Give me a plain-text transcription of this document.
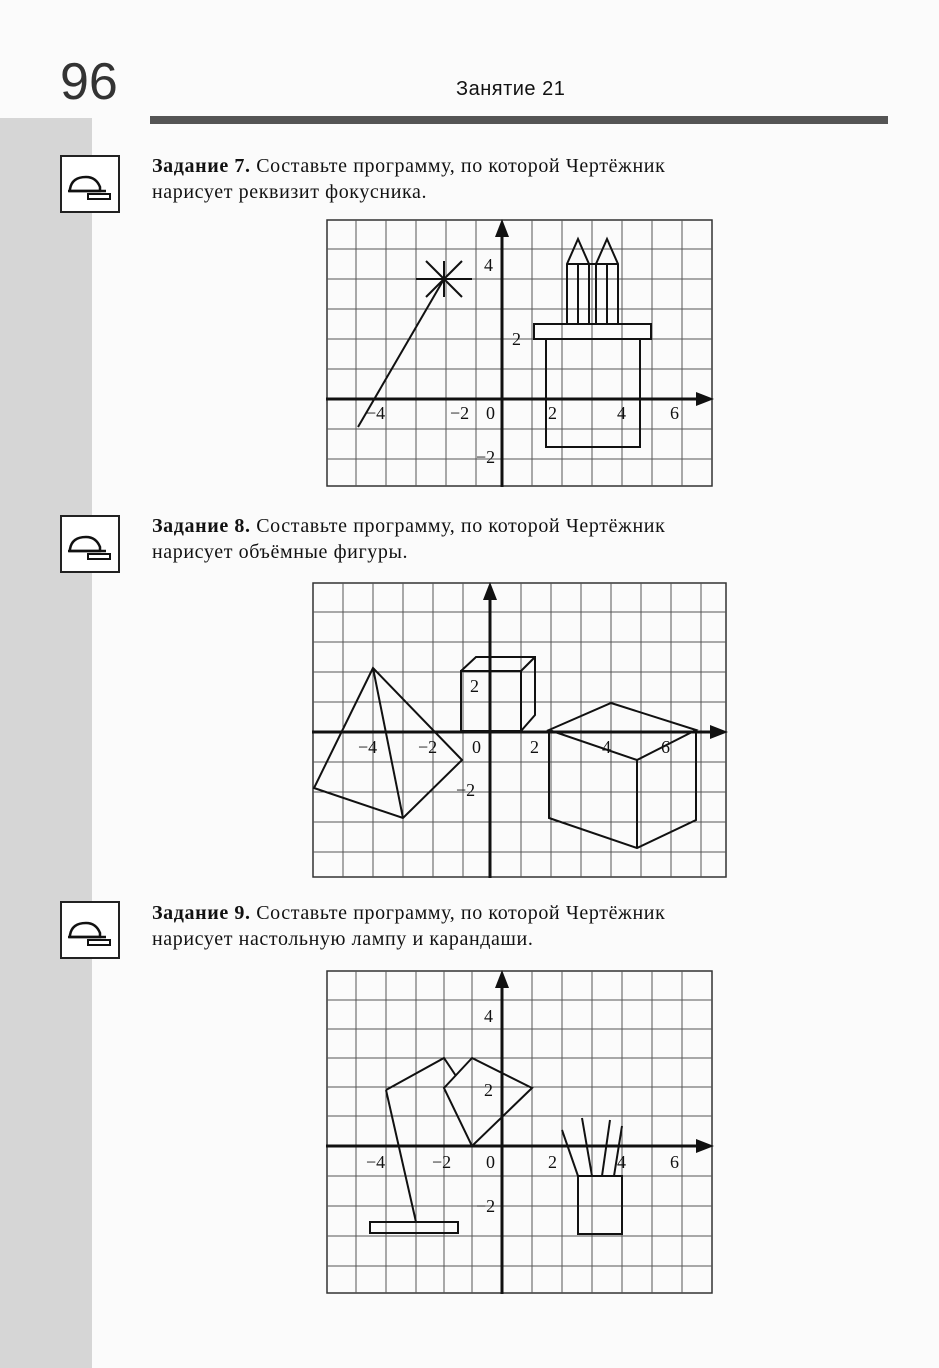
96	Занятие 21
Задание 7. Составьте программу, по которой Чертёжник
нарисует реквизит фокусника.
−4	−2 0	2	4 6
4
2
−2
Задание 8. Составьте программу, по которой Чертёжник
нарисует объёмные фигуры.
−4 −2 0	2	4	6
2
−2
Задание 9. Составьте программу, по которой Чертёжник
нарисует настольную лампу и карандаши.
−4	−2 0	2	4 6
4
2
−2
